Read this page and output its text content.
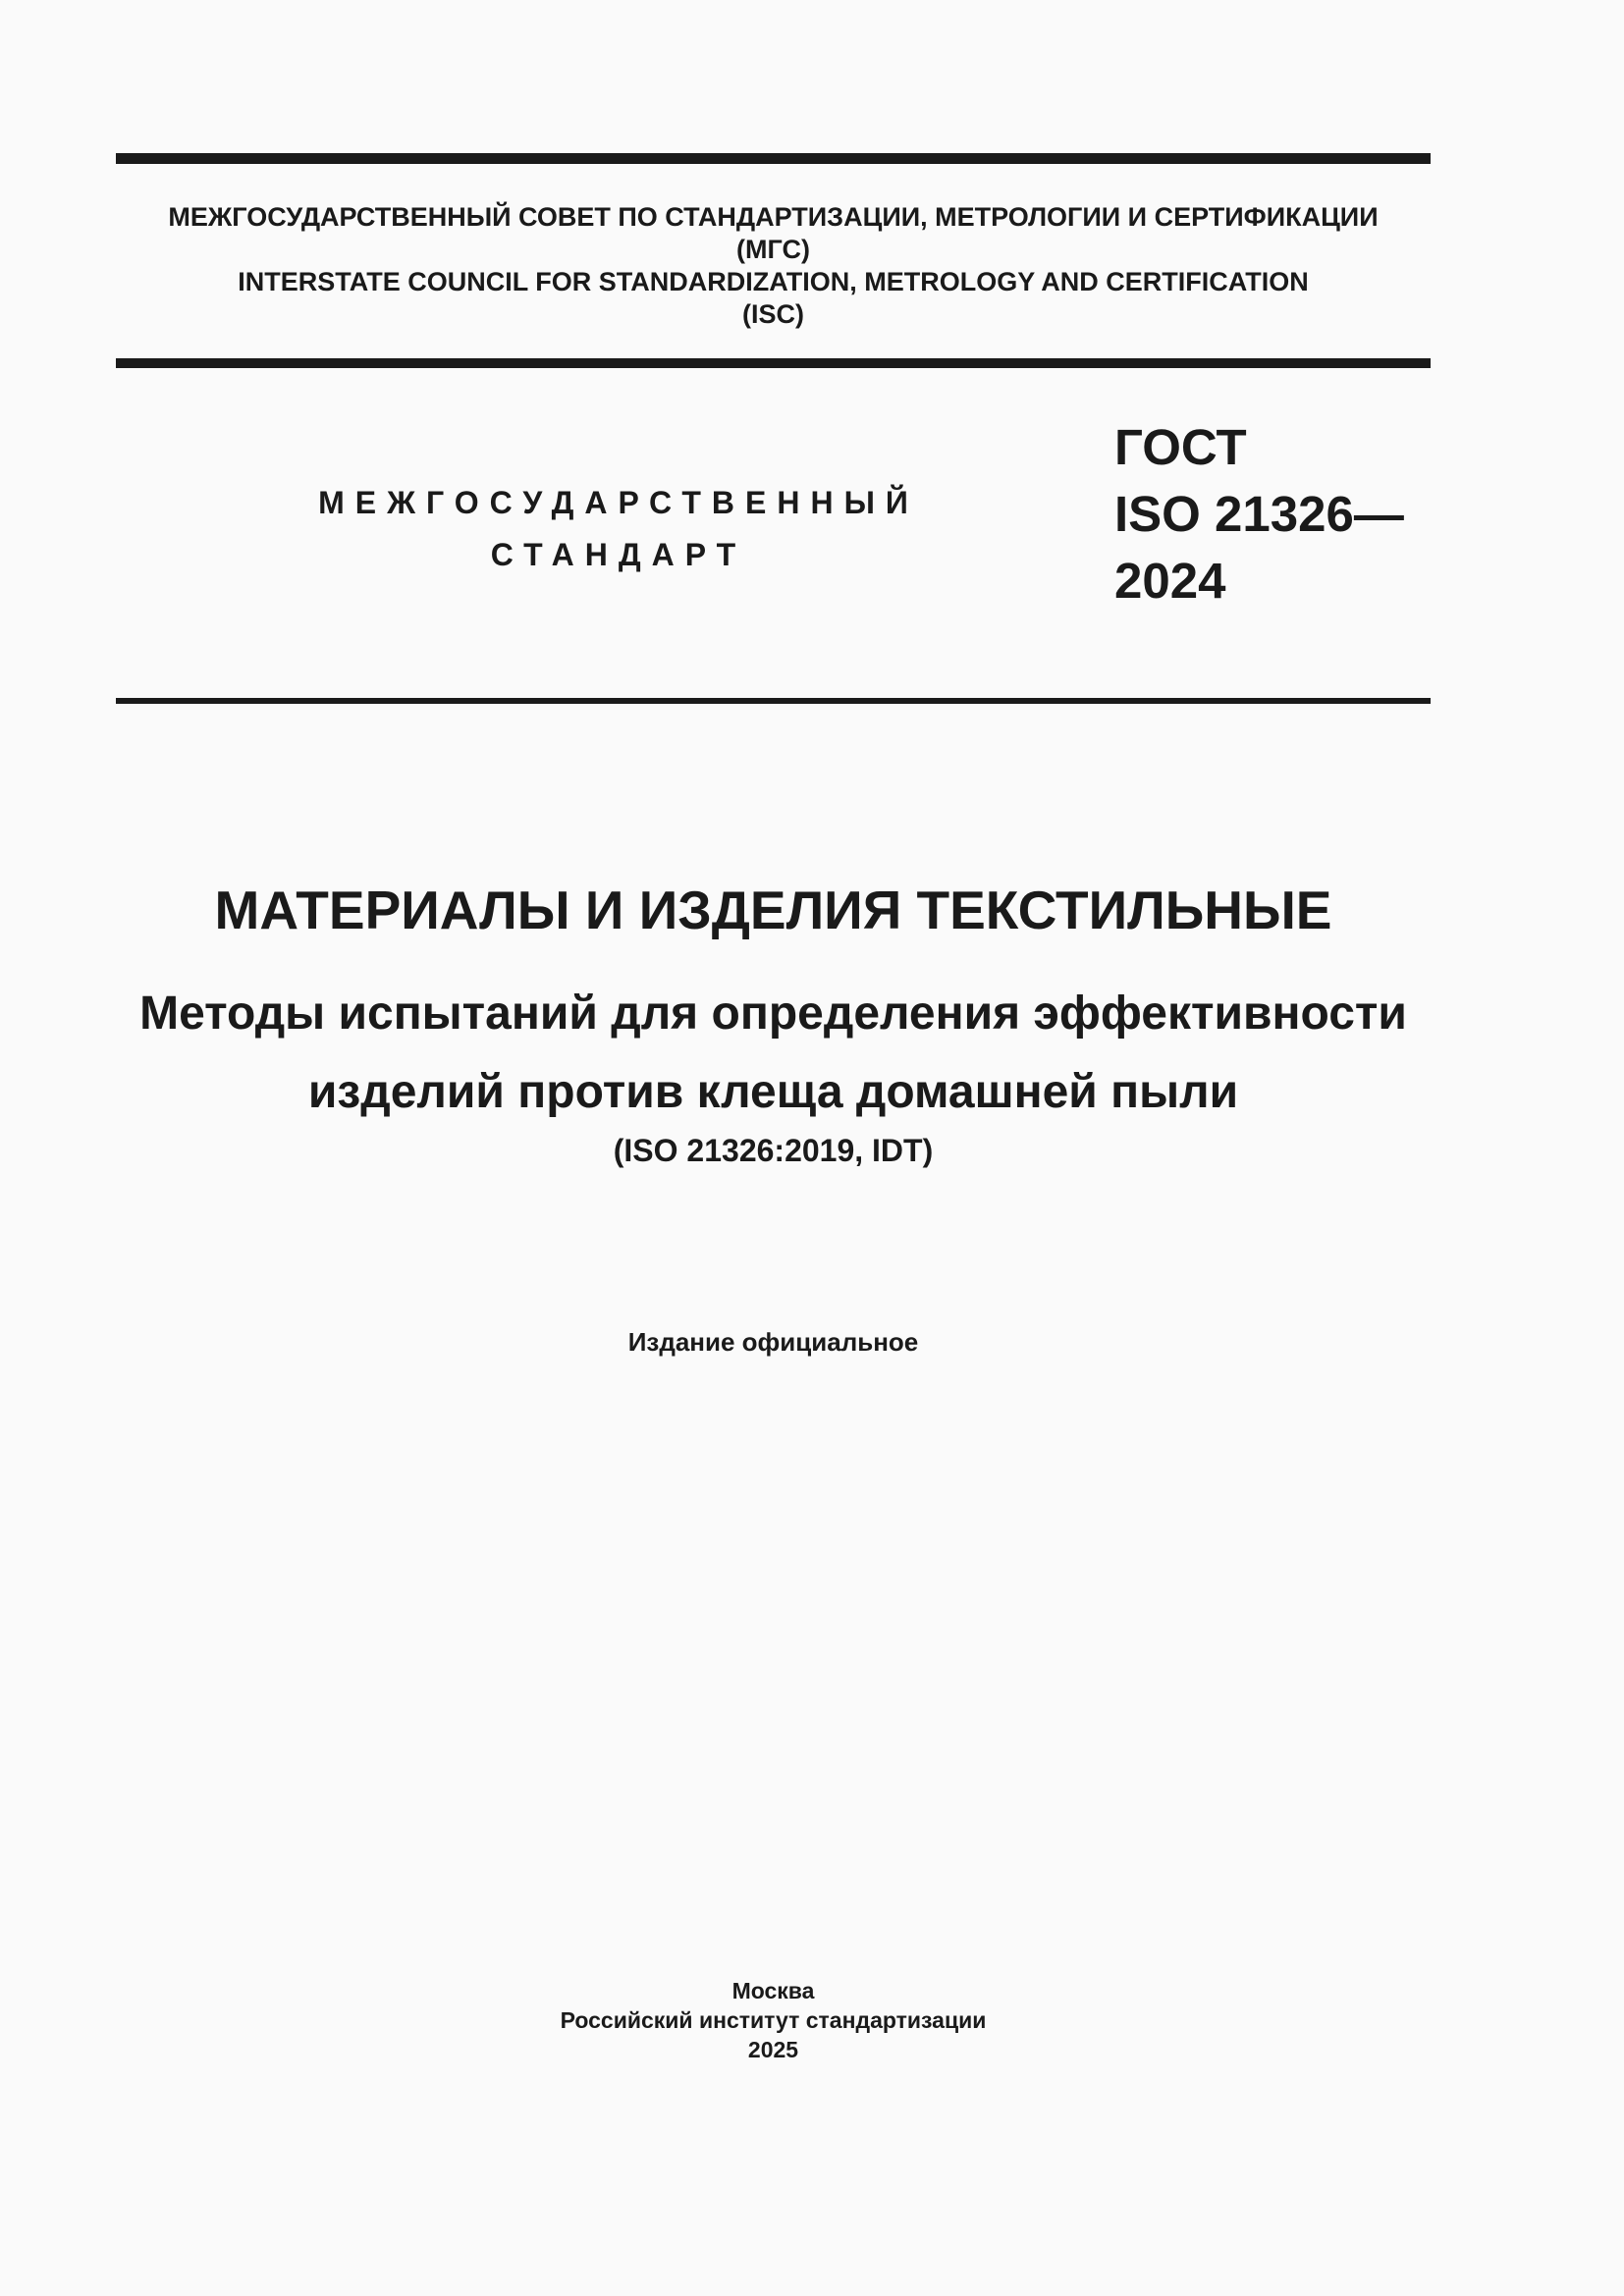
МЕЖГОСУДАРСТВЕННЫЙ СОВЕТ ПО СТАНДАРТИЗАЦИИ, МЕТРОЛОГИИ И СЕРТИФИКАЦИИ
(МГС)
INTERSTATE COUNCIL FOR STANDARDIZATION, METROLOGY AND CERTIFICATION
(ISC)
МЕЖГОСУДАРСТВЕННЫЙ
СТАНДАРТ
ГОСТ
ISO 21326—
2024
МАТЕРИАЛЫ И ИЗДЕЛИЯ ТЕКСТИЛЬНЫЕ
Методы испытаний для определения эффективности
изделий против клеща домашней пыли
(ISO 21326:2019, IDT)
Издание официальное
Москва
Российский институт стандартизации
2025
